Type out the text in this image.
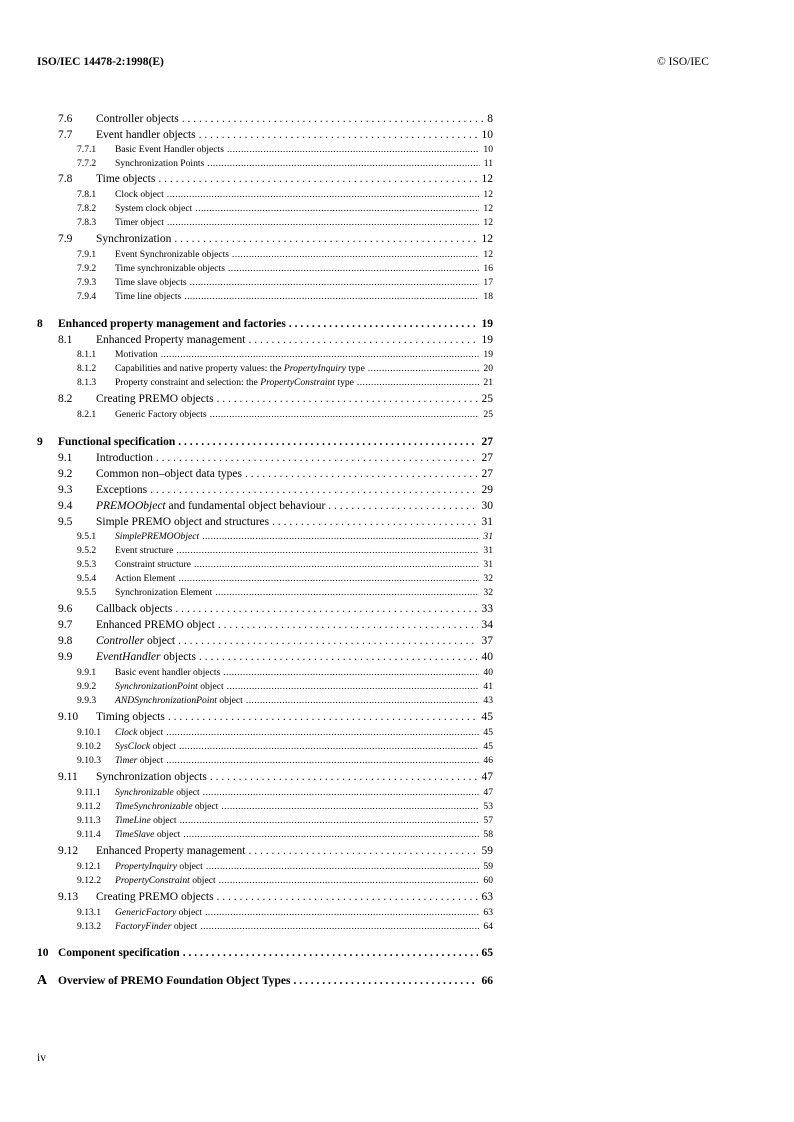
ISO/IEC 14478-2:1998(E)	© ISO/IEC
7.6	Controller objects . . .	8
7.7	Event handler objects . . .	10
7.7.1	Basic Event Handler objects .....	10
7.7.2	Synchronization Points .....	11
7.8	Time objects . . .	12
7.8.1	Clock object .....	12
7.8.2	System clock object .....	12
7.8.3	Timer object .....	12
7.9	Synchronization . . .	12
7.9.1	Event Synchronizable objects .....	12
7.9.2	Time synchronizable objects .....	16
7.9.3	Time slave objects .....	17
7.9.4	Time line objects .....	18
8	Enhanced property management and factories . . .	19
8.1	Enhanced Property management . . .	19
8.1.1	Motivation .....	19
8.1.2	Capabilities and native property values: the PropertyInquiry type .....	20
8.1.3	Property constraint and selection: the PropertyConstraint type .....	21
8.2	Creating PREMO objects . . .	25
8.2.1	Generic Factory objects .....	25
9	Functional specification . . .	27
9.1	Introduction . . .	27
9.2	Common non–object data types . . .	27
9.3	Exceptions . . .	29
9.4	PREMOObject and fundamental object behaviour . . .	30
9.5	Simple PREMO object and structures . . .	31
9.5.1	SimplePREMOObject .....	31
9.5.2	Event structure .....	31
9.5.3	Constraint structure .....	31
9.5.4	Action Element .....	32
9.5.5	Synchronization Element .....	32
9.6	Callback objects . . .	33
9.7	Enhanced PREMO object . . .	34
9.8	Controller object . . .	37
9.9	EventHandler objects . . .	40
9.9.1	Basic event handler objects .....	40
9.9.2	SynchronizationPoint object .....	41
9.9.3	ANDSynchronizationPoint object .....	43
9.10	Timing objects . . .	45
9.10.1	Clock object .....	45
9.10.2	SysClock object .....	45
9.10.3	Timer object .....	46
9.11	Synchronization objects . . .	47
9.11.1	Synchronizable object .....	47
9.11.2	TimeSynchronizable object .....	53
9.11.3	TimeLine object .....	57
9.11.4	TimeSlave object .....	58
9.12	Enhanced Property management . . .	59
9.12.1	PropertyInquiry object .....	59
9.12.2	PropertyConstraint object .....	60
9.13	Creating PREMO objects . . .	63
9.13.1	GenericFactory object .....	63
9.13.2	FactoryFinder object .....	64
10 Component specification . . .	65
A Overview of PREMO Foundation Object Types . . .	66
iv
